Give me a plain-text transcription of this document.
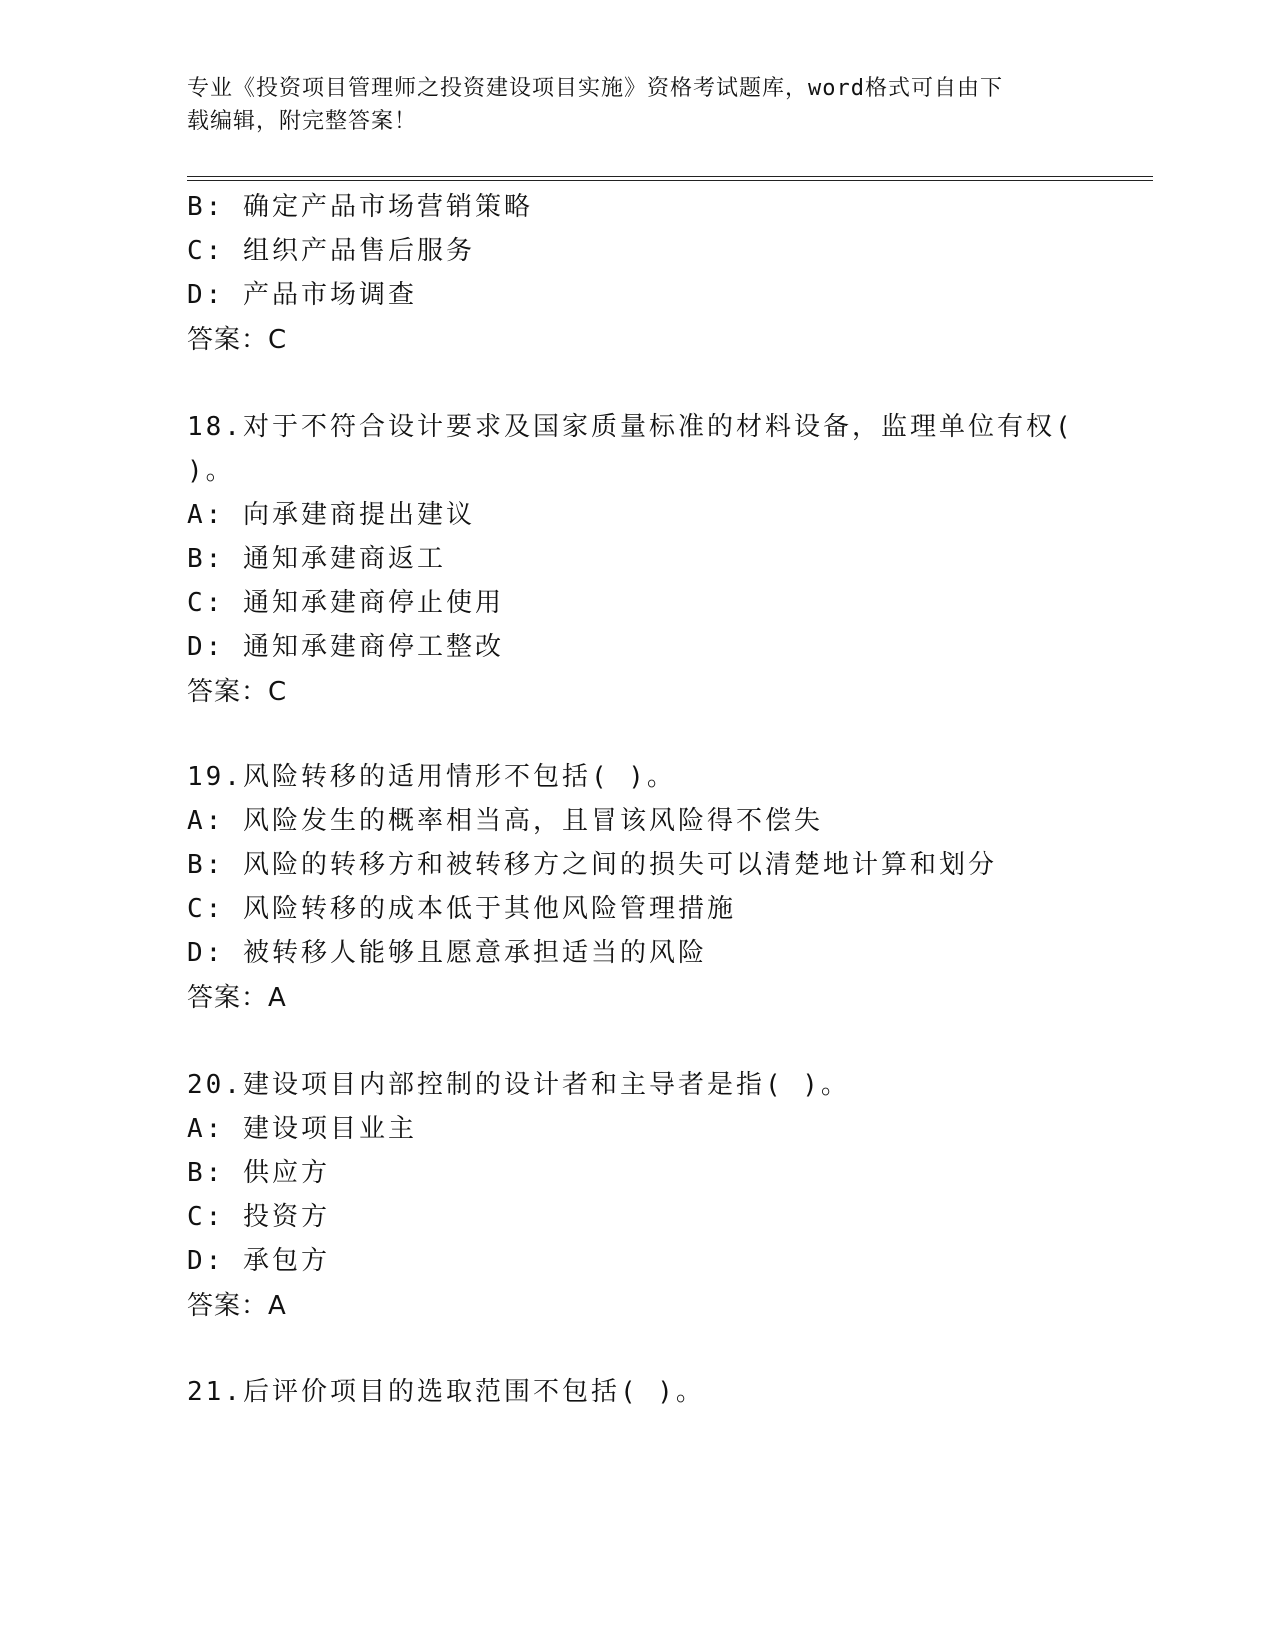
专业《投资项目管理师之投资建设项目实施》资格考试题库，word格式可自由下
载编辑，附完整答案！
B: 确定产品市场营销策略
C: 组织产品售后服务
D: 产品市场调查
答案：C
18.对于不符合设计要求及国家质量标准的材料设备，监理单位有权(
)。
A: 向承建商提出建议
B: 通知承建商返工
C: 通知承建商停止使用
D: 通知承建商停工整改
答案：C
19.风险转移的适用情形不包括( )。
A: 风险发生的概率相当高，且冒该风险得不偿失
B: 风险的转移方和被转移方之间的损失可以清楚地计算和划分
C: 风险转移的成本低于其他风险管理措施
D: 被转移人能够且愿意承担适当的风险
答案：A
20.建设项目内部控制的设计者和主导者是指( )。
A: 建设项目业主
B: 供应方
C: 投资方
D: 承包方
答案：A
21.后评价项目的选取范围不包括( )。
